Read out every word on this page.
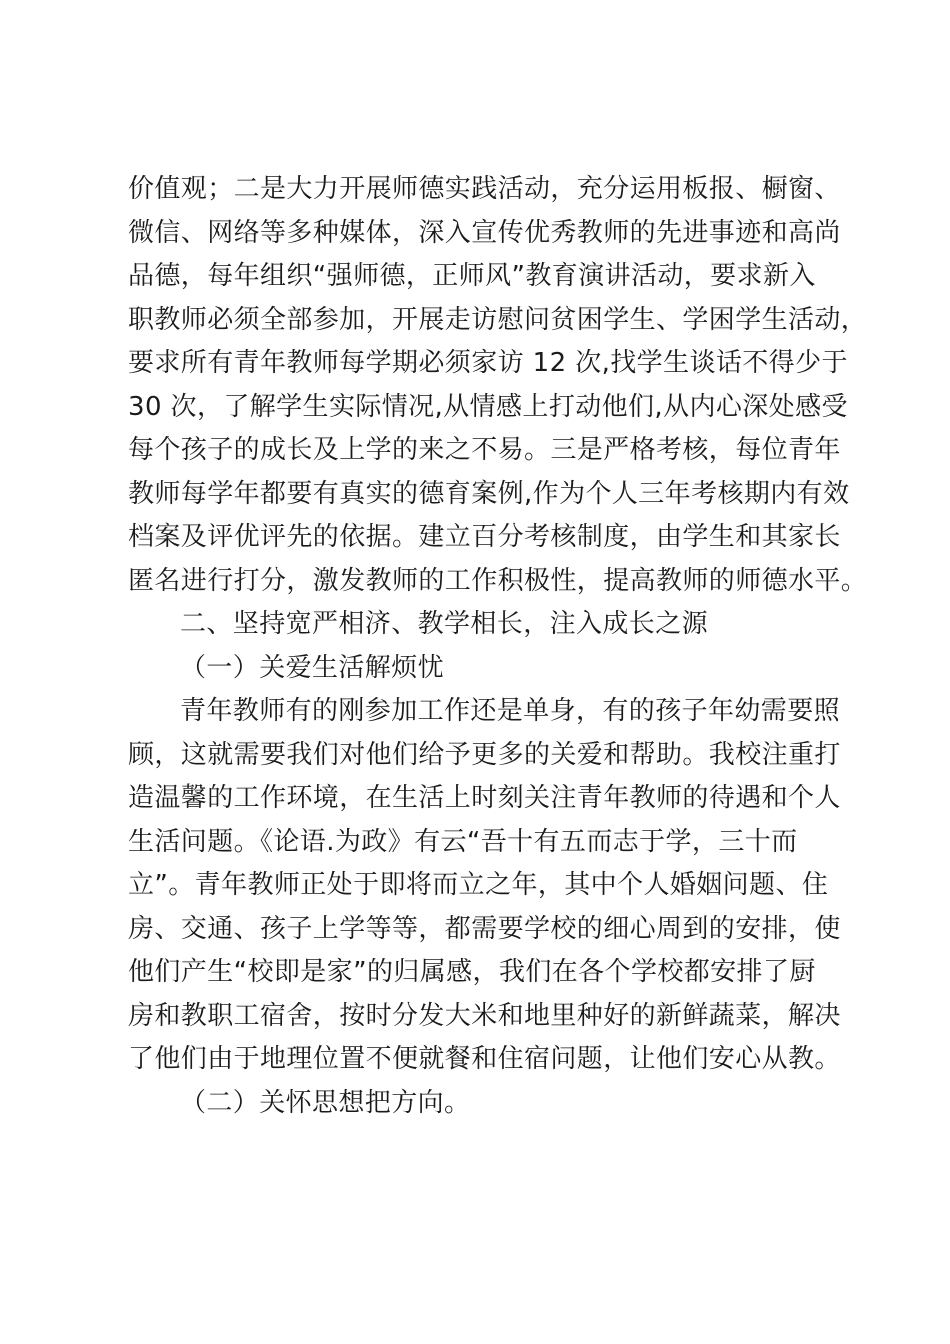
价值观；二是大力开展师德实践活动，充分运用板报、橱窗、
微信、网络等多种媒体，深入宣传优秀教师的先进事迹和高尚
品德，每年组织“强师德，正师风”教育演讲活动，要求新入
职教师必须全部参加，开展走访慰问贫困学生、学困学生活动，
要求所有青年教师每学期必须家访 12 次,找学生谈话不得少于
30 次，了解学生实际情况,从情感上打动他们,从内心深处感受
每个孩子的成长及上学的来之不易。三是严格考核，每位青年
教师每学年都要有真实的德育案例,作为个人三年考核期内有效
档案及评优评先的依据。建立百分考核制度，由学生和其家长
匿名进行打分，激发教师的工作积极性，提高教师的师德水平。
二、坚持宽严相济、教学相长，注入成长之源
（一）关爱生活解烦忧
青年教师有的刚参加工作还是单身，有的孩子年幼需要照
顾，这就需要我们对他们给予更多的关爱和帮助。我校注重打
造温馨的工作环境，在生活上时刻关注青年教师的待遇和个人
生活问题。《论语.为政》有云“吾十有五而志于学，三十而
立”。青年教师正处于即将而立之年，其中个人婚姻问题、住
房、交通、孩子上学等等，都需要学校的细心周到的安排，使
他们产生“校即是家”的归属感，我们在各个学校都安排了厨
房和教职工宿舍，按时分发大米和地里种好的新鲜蔬菜，解决
了他们由于地理位置不便就餐和住宿问题，让他们安心从教。
（二）关怀思想把方向。
